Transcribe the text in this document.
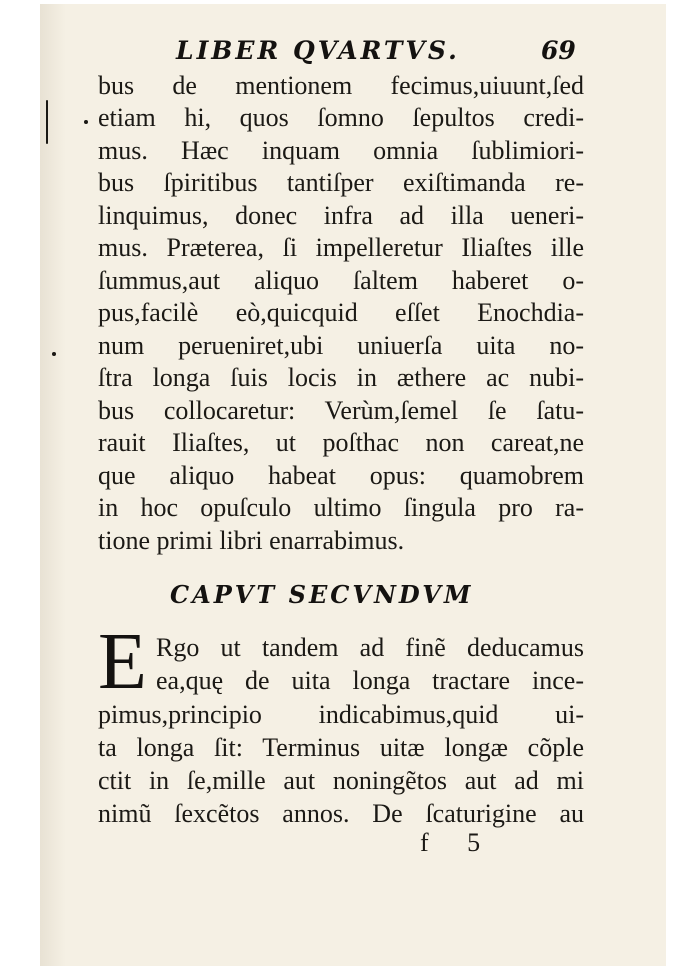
LIBER QVARTVS.	69
bus de mentionem fecimus,uiuunt,ſed
etiam hi, quos ſomno ſepultos credi-
mus. Hæc inquam omnia ſublimiori-
bus ſpiritibus tantiſper exiſtimanda re-
linquimus, donec infra ad illa ueneri-
mus. Præterea, ſi impelleretur Iliaſtes ille
ſummus,aut aliquo ſaltem haberet o-
pus,facilè eò,quicquid eſſet Enochdia-
num perueniret,ubi uniuerſa uita no-
ſtra longa ſuis locis in æthere ac nubi-
bus collocaretur: Verùm,ſemel ſe ſatu-
rauit Iliaſtes, ut poſthac non careat,ne
que aliquo habeat opus: quamobrem
in hoc opuſculo ultimo ſingula pro ra-
tione primi libri enarrabimus.
CAPVT SECVNDVM
E Rgo ut tandem ad finẽ deducamus
ea,quę de uita longa tractare ince-
pimus,principio indicabimus,quid ui-
ta longa ſit: Terminus uitæ longæ cõple
ctit in ſe,mille aut noningẽtos aut ad mi
nimũ ſexcẽtos annos. De ſcaturigine au
f 5
